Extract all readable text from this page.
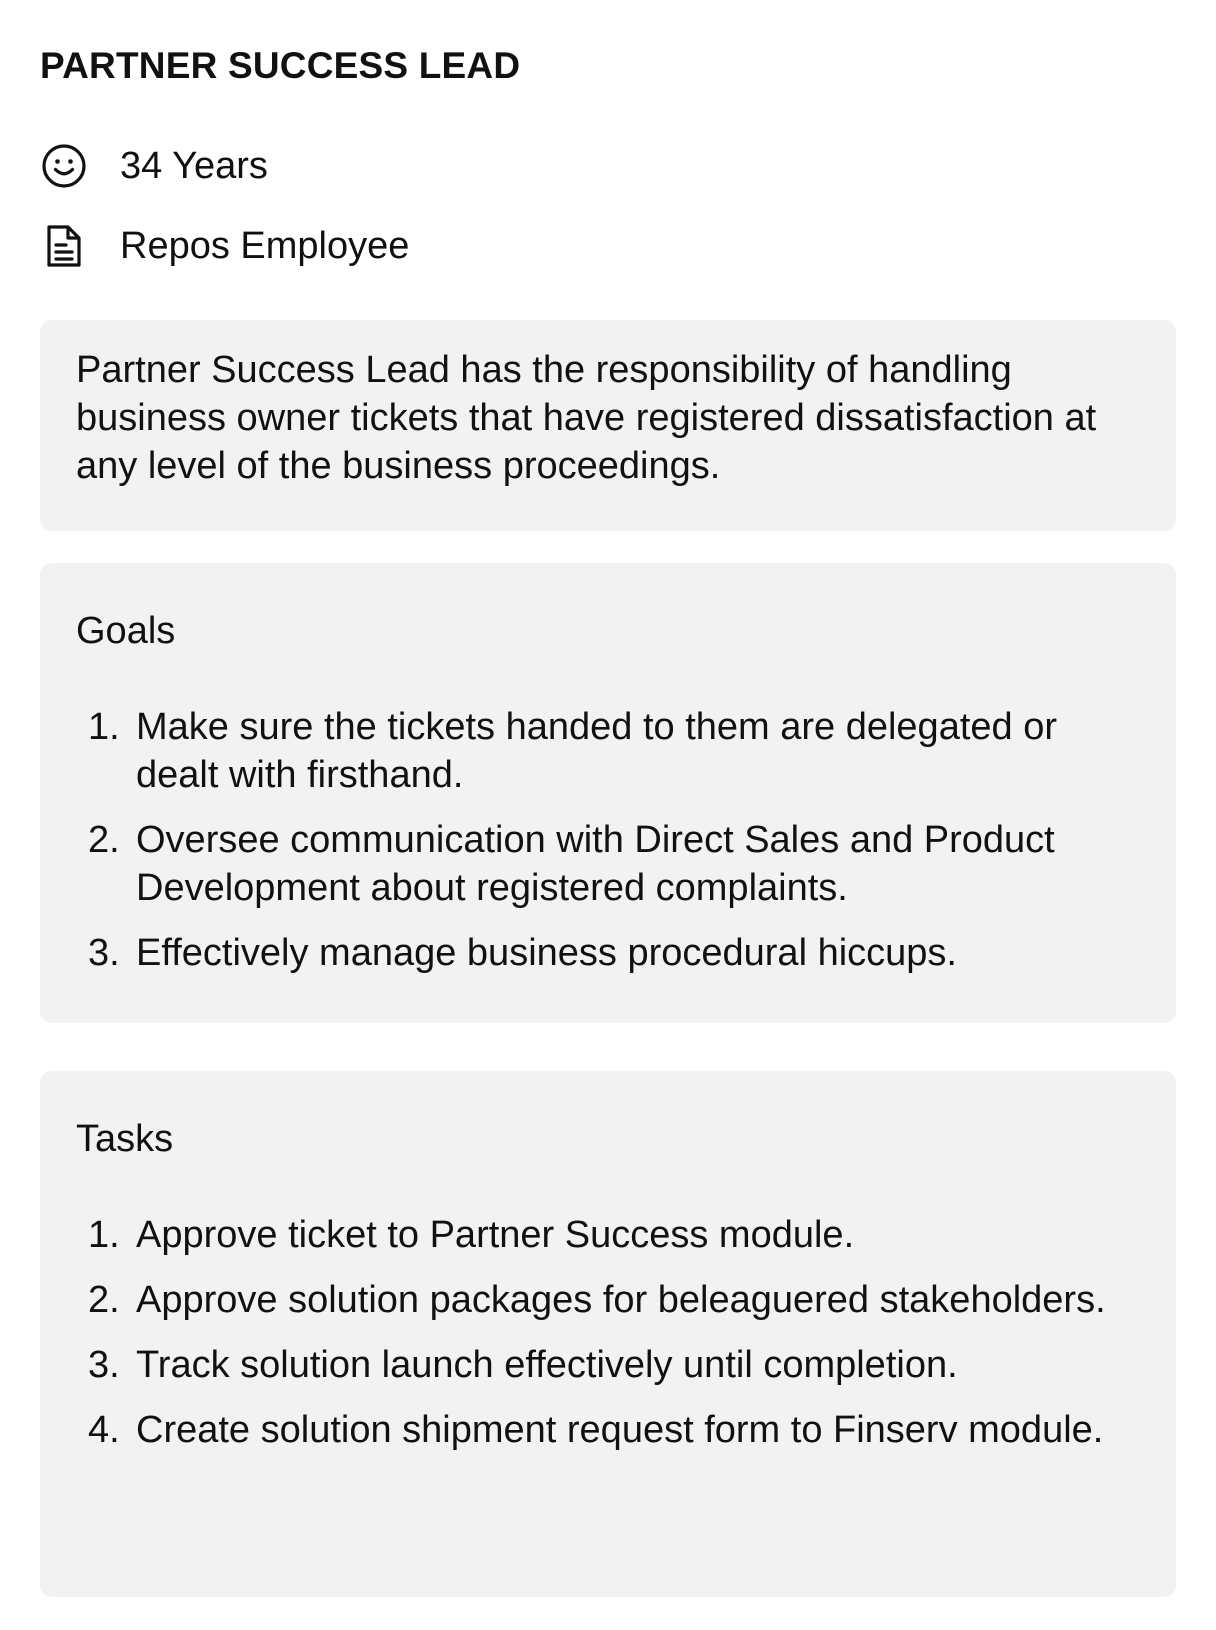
PARTNER SUCCESS LEAD
34 Years
Repos Employee

Partner Success Lead has the responsibility of handling business owner tickets that have registered dissatisfaction at any level of the business proceedings.

Goals
1. Make sure the tickets handed to them are delegated or dealt with firsthand.
2. Oversee communication with Direct Sales and Product Development about registered complaints.
3. Effectively manage business procedural hiccups.
Tasks
1. Approve ticket to Partner Success module.
2. Approve solution packages for beleaguered stakeholders.
3. Track solution launch effectively until completion.
4. Create solution shipment request form to Finserv module.
